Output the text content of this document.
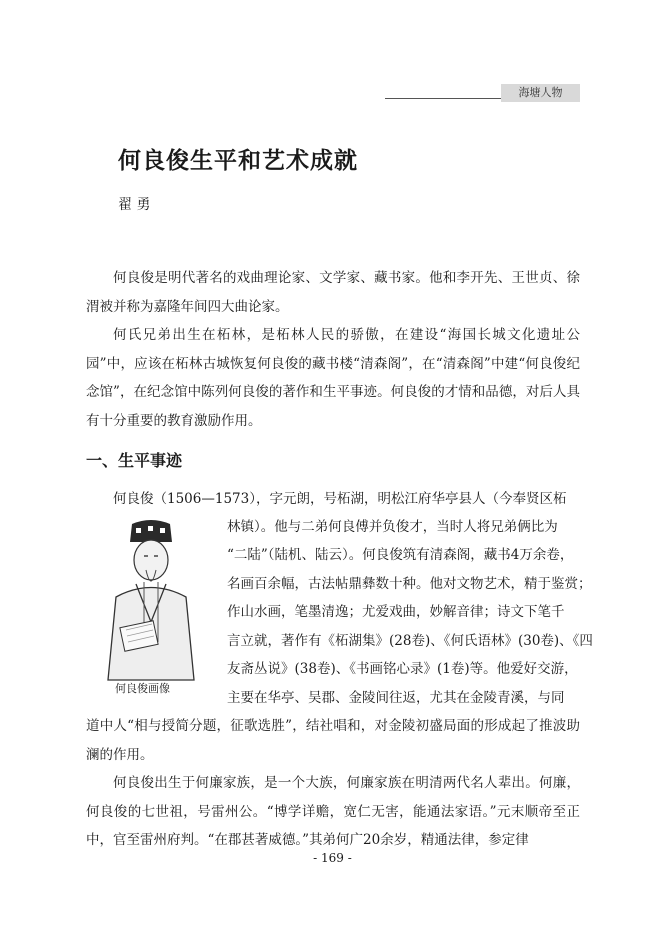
海塘人物
何良俊生平和艺术成就
翟 勇

何良俊是明代著名的戏曲理论家、文学家、藏书家。他和李开先、王世贞、徐渭被并称为嘉隆年间四大曲论家。

何氏兄弟出生在柘林，是柘林人民的骄傲，在建设“海国长城文化遗址公园”中，应该在柘林古城恢复何良俊的藏书楼“清森阁”，在“清森阁”中建“何良俊纪念馆”，在纪念馆中陈列何良俊的著作和生平事迹。何良俊的才情和品德，对后人具有十分重要的教育激励作用。

一、生平事迹

何良俊（1506—1573），字元朗，号柘湖，明松江府华亭县人（今奉贤区柘

何良俊画像

林镇）。他与二弟何良傅并负俊才，当时人将兄弟俩比为

“二陆”（陆机、陆云）。何良俊筑有清森阁，藏书4万余卷，

名画百余幅，古法帖鼎彝数十种。他对文物艺术，精于鉴赏；

作山水画，笔墨清逸；尤爱戏曲，妙解音律；诗文下笔千

言立就，著作有《柘湖集》(28卷)、《何氏语林》(30卷)、《四

友斋丛说》(38卷)、《书画铭心录》(1卷)等。他爱好交游，

主要在华亭、吴郡、金陵间往返，尤其在金陵青溪，与同

道中人“相与授简分题，征歌选胜”，结社唱和，对金陵初盛局面的形成起了推波助澜的作用。

何良俊出生于何廉家族，是一个大族，何廉家族在明清两代名人辈出。何廉，何良俊的七世祖，号雷州公。“博学详赡，宽仁无害，能通法家语。”元末顺帝至正中，官至雷州府判。“在郡甚著威德。”其弟何广20余岁，精通法律，参定律

- 169 -
